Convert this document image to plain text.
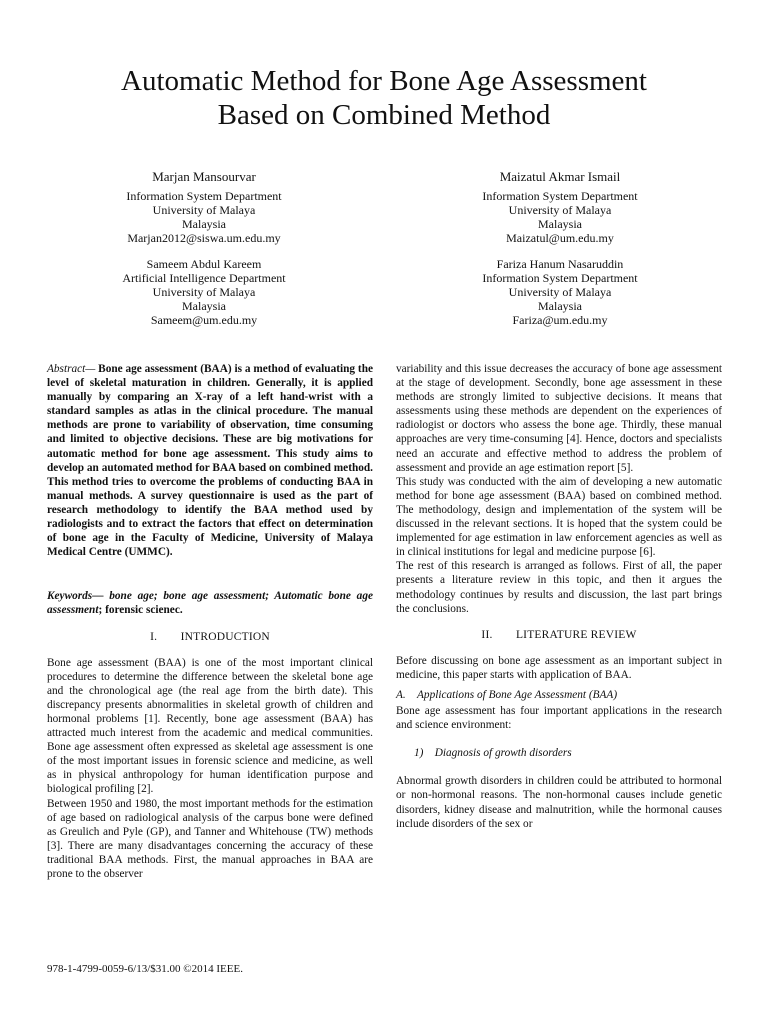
Automatic Method for Bone Age Assessment
Based on Combined Method
Marjan Mansourvar
Information System Department
University of Malaya
Malaysia
Marjan2012@siswa.um.edu.my
Maizatul Akmar Ismail
Information System Department
University of Malaya
Malaysia
Maizatul@um.edu.my
Sameem Abdul Kareem
Artificial Intelligence Department
University of Malaya
Malaysia
Sameem@um.edu.my
Fariza Hanum Nasaruddin
Information System Department
University of Malaya
Malaysia
Fariza@um.edu.my

Abstract— Bone age assessment (BAA) is a method of evaluating the level of skeletal maturation in children. Generally, it is applied manually by comparing an X-ray of a left hand-wrist with a standard samples as atlas in the clinical procedure. The manual methods are prone to variability of observation, time consuming and limited to objective decisions. These are big motivations for automatic method for bone age assessment. This study aims to develop an automated method for BAA based on combined method. This method tries to overcome the problems of conducting BAA in manual methods. A survey questionnaire is used as the part of research methodology to identify the BAA method used by radiologists and to extract the factors that effect on determination of bone age in the Faculty of Medicine, University of Malaya Medical Centre (UMMC).

Keywords— bone age; bone age assessment; Automatic bone age assessment; forensic scienec.

I.  INTRODUCTION

Bone age assessment (BAA) is one of the most important clinical procedures to determine the difference between the skeletal bone age and the chronological age (the real age from the birth date). This discrepancy presents abnormalities in skeletal growth of children and hormonal problems [1]. Recently, bone age assessment (BAA) has attracted much interest from the academic and medical communities. Bone age assessment often expressed as skeletal age assessment is one of the most important issues in forensic science and medicine, as well as in physical anthropology for human identification purpose and biological profiling [2].

Between 1950 and 1980, the most important methods for the estimation of age based on radiological analysis of the carpus bone were defined as Greulich and Pyle (GP), and Tanner and Whitehouse (TW) methods [3]. There are many disadvantages concerning the accuracy of these traditional BAA methods. First, the manual approaches in BAA are prone to the observer

variability and this issue decreases the accuracy of bone age assessment at the stage of development. Secondly, bone age assessment in these methods are strongly limited to subjective decisions. It means that assessments using these methods are dependent on the experiences of radiologist or doctors who assess the bone age. Thirdly, these manual approaches are very time-consuming [4]. Hence, doctors and specialists need an accurate and effective method to address the problem of assessment and provide an age estimation report [5].

This study was conducted with the aim of developing a new automatic method for bone age assessment (BAA) based on combined method. The methodology, design and implementation of the system will be discussed in the relevant sections. It is hoped that the system could be implemented for age estimation in law enforcement agencies as well as in clinical institutions for legal and medicine purpose [6].

The rest of this research is arranged as follows. First of all, the paper presents a literature review in this topic, and then it argues the methodology continues by results and discussion, the last part brings the conclusions.

II.  LITERATURE REVIEW

Before discussing on bone age assessment as an important subject in medicine, this paper starts with application of BAA.

A. Applications of Bone Age Assessment (BAA)

Bone age assessment has four important applications in the research and science environment:

1) Diagnosis of growth disorders

Abnormal growth disorders in children could be attributed to hormonal or non-hormonal reasons. The non-hormonal causes include genetic disorders, kidney disease and malnutrition, while the hormonal causes include disorders of the sex or

978-1-4799-0059-6/13/$31.00 ©2014 IEEE.
